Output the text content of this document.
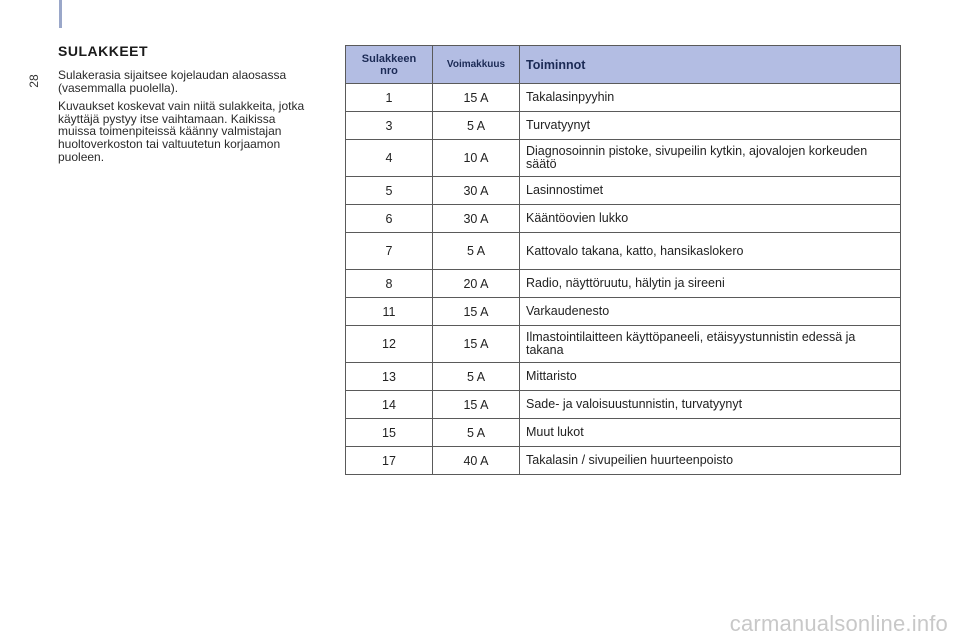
28
SULAKKEET

Sulakerasia sijaitsee kojelaudan alaosassa (vasemmalla puolella).

Kuvaukset koskevat vain niitä sulakkeita, jotka käyttäjä pystyy itse vaihtamaan. Kaikissa muissa toimenpiteissä käänny valmistajan huoltoverkoston tai valtuutetun korjaamon puoleen.

Sulakkeen
nro	Voimakkuus	Toiminnot
1	15 A	Takalasinpyyhin
3	5 A	Turvatyynyt
4	10 A	Diagnosoinnin pistoke, sivupeilin kytkin, ajovalojen korkeuden säätö
5	30 A	Lasinnostimet
6	30 A	Kääntöovien lukko
7	5 A	Kattovalo takana, katto, hansikaslokero
8	20 A	Radio, näyttöruutu, hälytin ja sireeni
11	15 A	Varkaudenesto
12	15 A	Ilmastointilaitteen käyttöpaneeli, etäisyystunnistin edessä ja takana
13	5 A	Mittaristo
14	15 A	Sade- ja valoisuustunnistin, turvatyynyt
15	5 A	Muut lukot
17	40 A	Takalasin / sivupeilien huurteenpoisto
carmanualsonline.info
